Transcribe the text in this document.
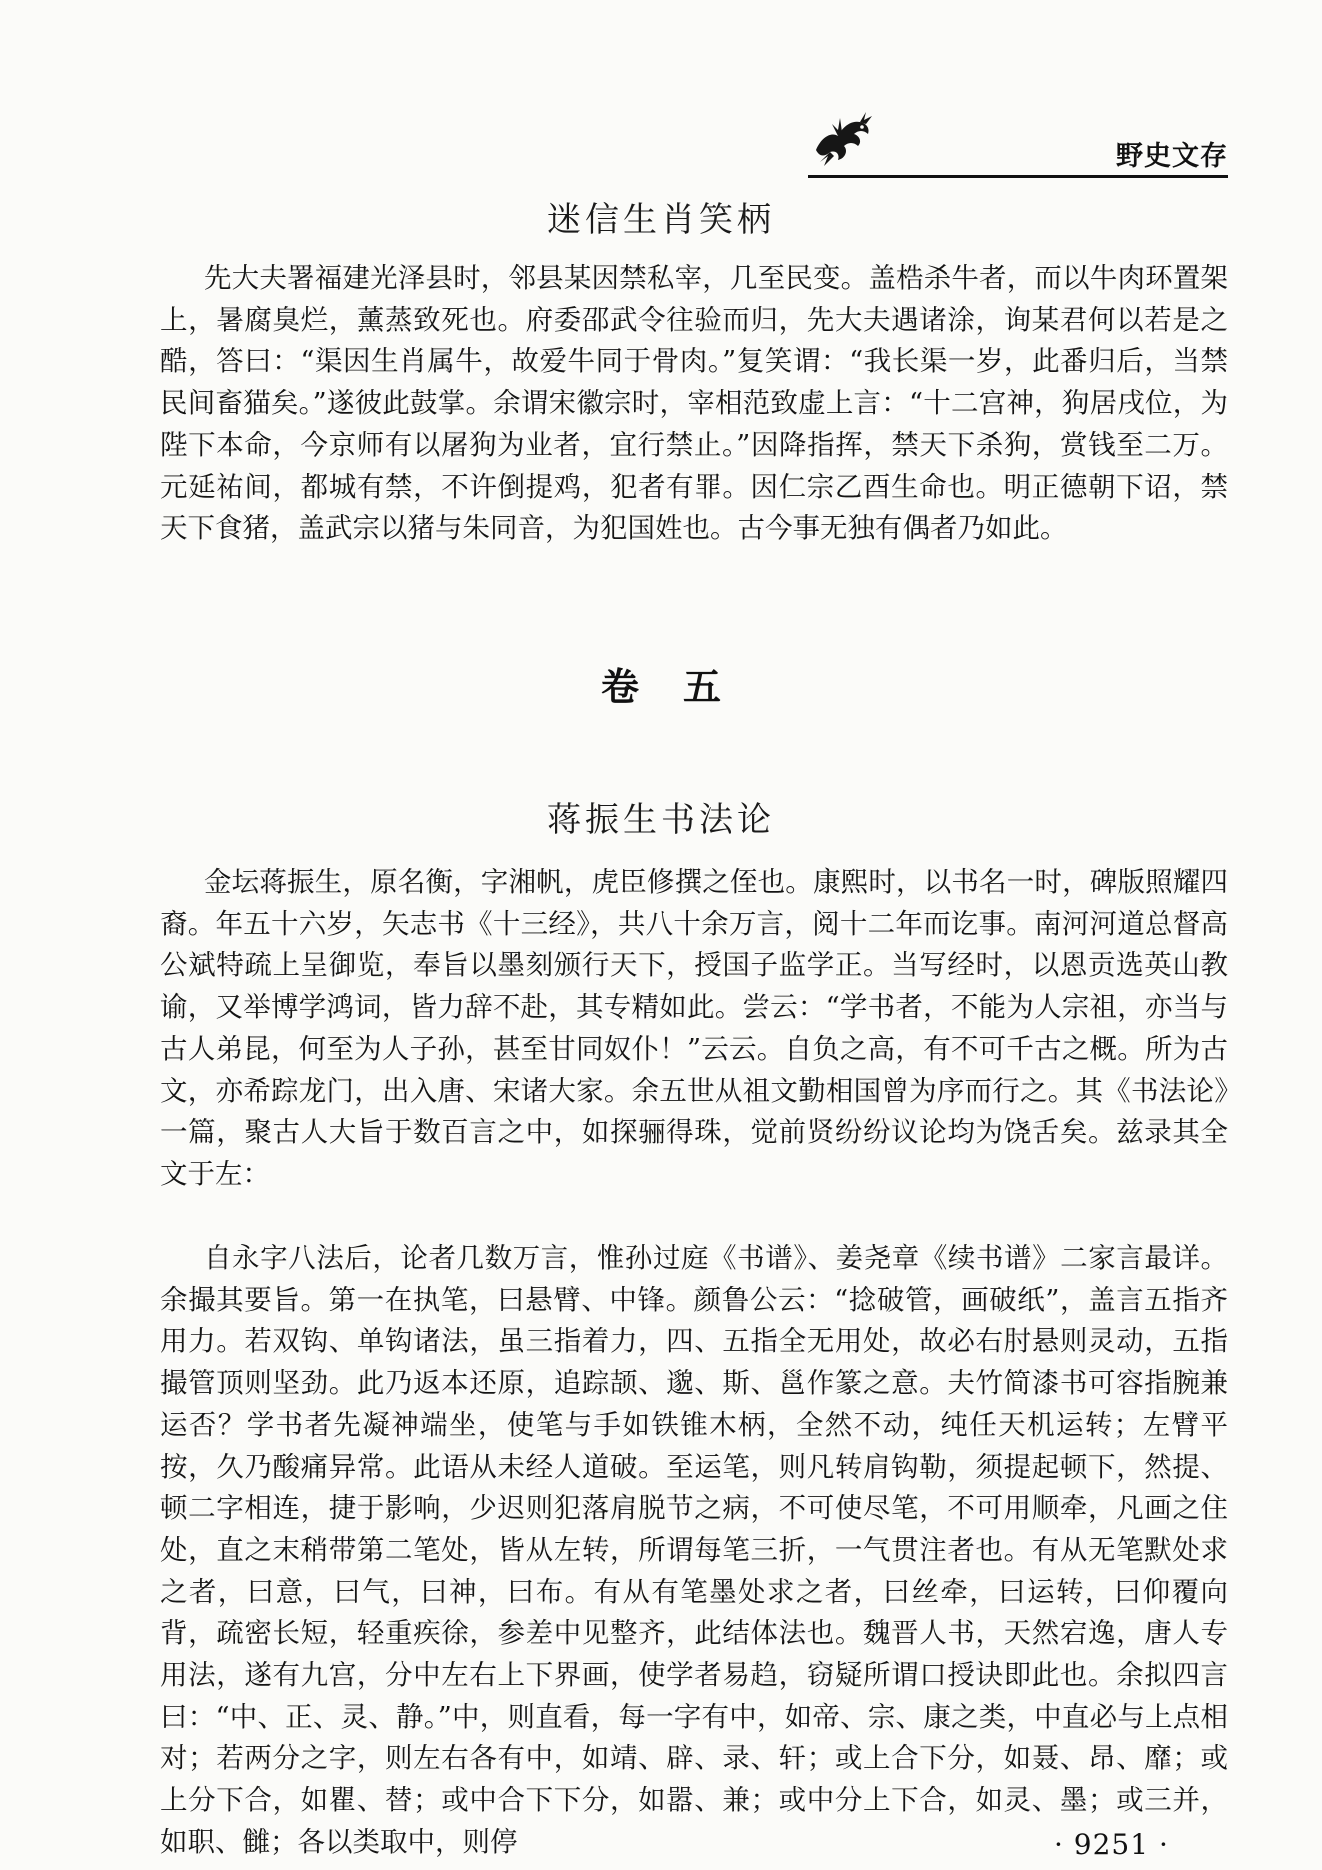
野史文存
迷信生肖笑柄

先大夫署福建光泽县时，邻县某因禁私宰，几至民变。盖梏杀牛者，而以牛肉环置架上，暑腐臭烂，薰蒸致死也。府委邵武令往验而归，先大夫遇诸涂，询某君何以若是之酷，答曰：“渠因生肖属牛，故爱牛同于骨肉。”复笑谓：“我长渠一岁，此番归后，当禁民间畜猫矣。”遂彼此鼓掌。余谓宋徽宗时，宰相范致虚上言：“十二宫神，狗居戌位，为陛下本命，今京师有以屠狗为业者，宜行禁止。”因降指挥，禁天下杀狗，赏钱至二万。元延祐间，都城有禁，不许倒提鸡，犯者有罪。因仁宗乙酉生命也。明正德朝下诏，禁天下食猪，盖武宗以猪与朱同音，为犯国姓也。古今事无独有偶者乃如此。

卷 五
蒋振生书法论

金坛蒋振生，原名衡，字湘帆，虎臣修撰之侄也。康熙时，以书名一时，碑版照耀四裔。年五十六岁，矢志书《十三经》，共八十余万言，阅十二年而讫事。南河河道总督高公斌特疏上呈御览，奉旨以墨刻颁行天下，授国子监学正。当写经时，以恩贡选英山教谕，又举博学鸿词，皆力辞不赴，其专精如此。尝云：“学书者，不能为人宗祖，亦当与古人弟昆，何至为人子孙，甚至甘同奴仆！”云云。自负之高，有不可千古之概。所为古文，亦希踪龙门，出入唐、宋诸大家。余五世从祖文勤相国曾为序而行之。其《书法论》一篇，聚古人大旨于数百言之中，如探骊得珠，觉前贤纷纷议论均为饶舌矣。兹录其全文于左：

自永字八法后，论者几数万言，惟孙过庭《书谱》、姜尧章《续书谱》二家言最详。余撮其要旨。第一在执笔，曰悬臂、中锋。颜鲁公云：“捻破管，画破纸”，盖言五指齐用力。若双钩、单钩诸法，虽三指着力，四、五指全无用处，故必右肘悬则灵动，五指撮管顶则坚劲。此乃返本还原，追踪颉、邈、斯、邕作篆之意。夫竹简漆书可容指腕兼运否？学书者先凝神端坐，使笔与手如铁锥木柄，全然不动，纯任天机运转；左臂平按，久乃酸痛异常。此语从未经人道破。至运笔，则凡转肩钩勒，须提起顿下，然提、顿二字相连，捷于影响，少迟则犯落肩脱节之病，不可使尽笔，不可用顺牵，凡画之住处，直之末稍带第二笔处，皆从左转，所谓每笔三折，一气贯注者也。有从无笔默处求之者，曰意，曰气，曰神，曰布。有从有笔墨处求之者，曰丝牵，曰运转，曰仰覆向背，疏密长短，轻重疾徐，参差中见整齐，此结体法也。魏晋人书，天然宕逸，唐人专用法，遂有九宫，分中左右上下界画，使学者易趋，窃疑所谓口授诀即此也。余拟四言曰：“中、正、灵、静。”中，则直看，每一字有中，如帝、宗、康之类，中直必与上点相对；若两分之字，则左右各有中，如靖、辟、录、轩；或上合下分，如聂、昂、靡；或上分下合，如瞿、替；或中合下下分，如嚣、兼；或中分上下合，如灵、墨；或三并，如职、雠；各以类取中，则停	· 9251 ·
